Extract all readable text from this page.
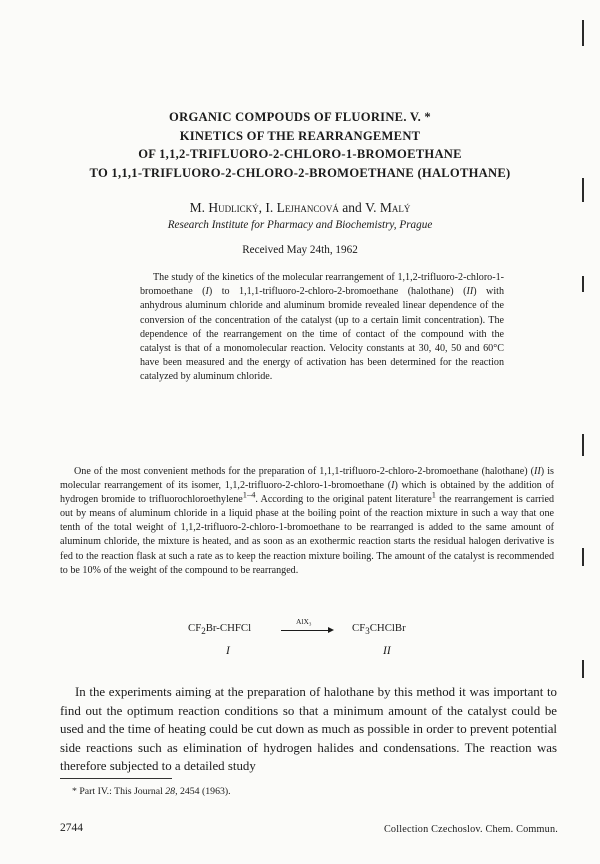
ORGANIC COMPOUDS OF FLUORINE. V. *
KINETICS OF THE REARRANGEMENT
OF 1,1,2-TRIFLUORO-2-CHLORO-1-BROMOETHANE
TO 1,1,1-TRIFLUORO-2-CHLORO-2-BROMOETHANE (HALOTHANE)
M. Hudlický, I. Lejhancová and V. Malý
Research Institute for Pharmacy and Biochemistry, Prague
Received May 24th, 1962
The study of the kinetics of the molecular rearrangement of 1,1,2-trifluoro-2-chloro-1-bromoethane (I) to 1,1,1-trifluoro-2-chloro-2-bromoethane (halothane) (II) with anhydrous aluminum chloride and aluminum bromide revealed linear dependence of the conversion of the concentration of the catalyst (up to a certain limit concentration). The dependence of the rearrangement on the time of contact of the compound with the catalyst is that of a monomolecular reaction. Velocity constants at 30, 40, 50 and 60°C have been measured and the energy of activation has been determined for the reaction catalyzed by aluminum chloride.
One of the most convenient methods for the preparation of 1,1,1-trifluoro-2-chloro-2-bromoethane (halothane) (II) is molecular rearrangement of its isomer, 1,1,2-trifluoro-2-chloro-1-bromoethane (I) which is obtained by the addition of hydrogen bromide to trifluorochloroethylene$^{1-4}$. According to the original patent literature$^1$ the rearrangement is carried out by means of aluminum chloride in a liquid phase at the boiling point of the reaction mixture in such a way that one tenth of the total weight of 1,1,2-trifluoro-2-chloro-1-bromoethane to be rearranged is added to the same amount of aluminum chloride, the mixture is heated, and as soon as an exothermic reaction starts the residual halogen derivative is fed to the reaction flask at such a rate as to keep the reaction mixture boiling. The amount of the catalyst is recommended to be 10% of the weight of the compound to be rearranged.
$CF_2Br$-CHFCl
AlX₃
$CF_3CHClBr$
I	II
In the experiments aiming at the preparation of halothane by this method it was important to find out the optimum reaction conditions so that a minimum amount of the catalyst could be used and the time of heating could be cut down as much as possible in order to prevent potential side reactions such as elimination of hydrogen halides and condensations. The reaction was therefore subjected to a detailed study
* Part IV.: This Journal 28, 2454 (1963).
2744	Collection Czechoslov. Chem. Commun.
